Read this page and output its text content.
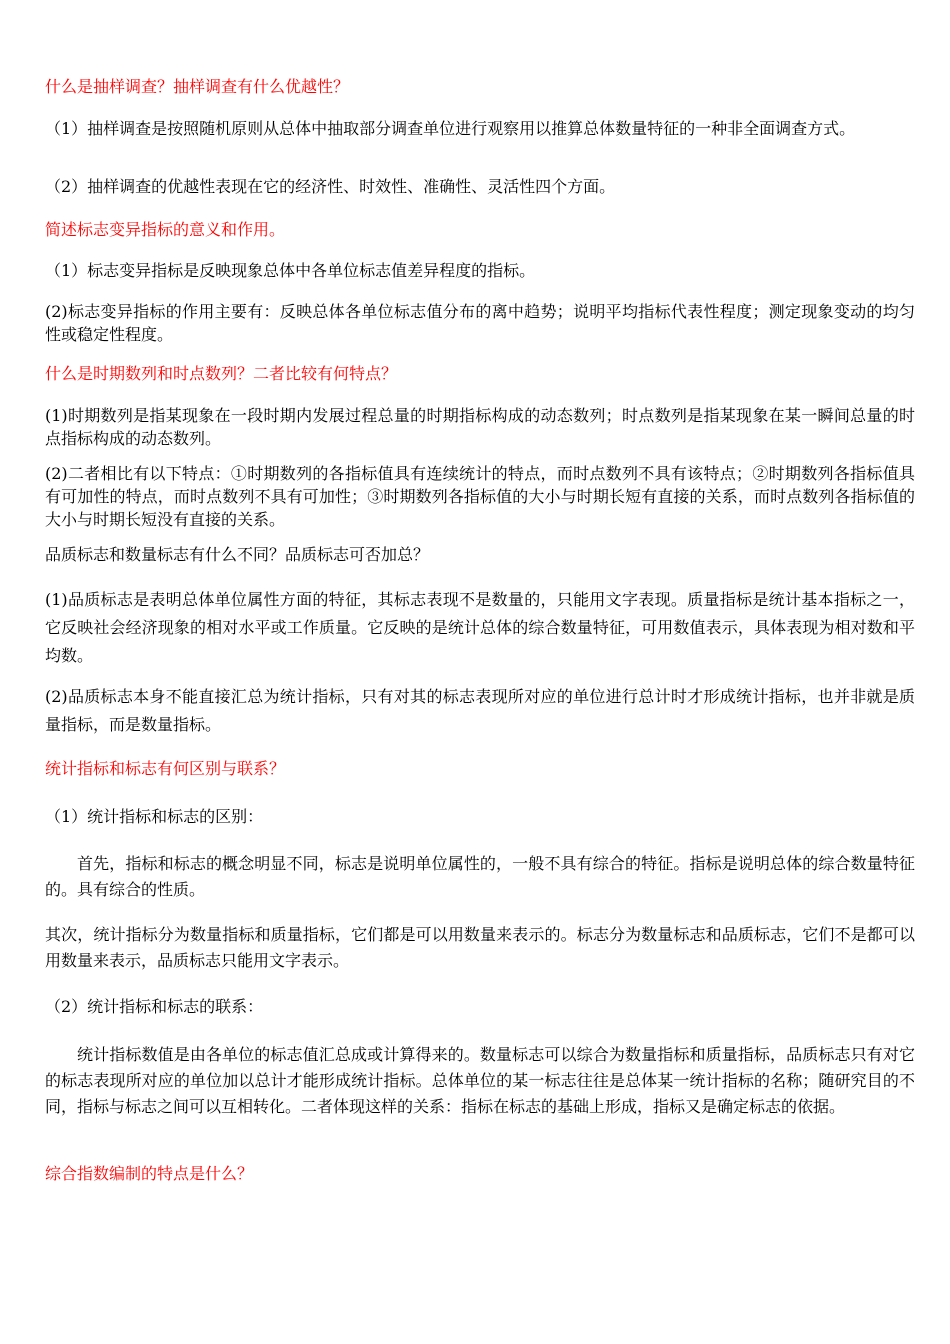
什么是抽样调查？抽样调查有什么优越性？

（1）抽样调查是按照随机原则从总体中抽取部分调查单位进行观察用以推算总体数量特征的一种非全面调查方式。

（2）抽样调查的优越性表现在它的经济性、时效性、准确性、灵活性四个方面。

简述标志变异指标的意义和作用。

（1）标志变异指标是反映现象总体中各单位标志值差异程度的指标。

(2)标志变异指标的作用主要有：反映总体各单位标志值分布的离中趋势；说明平均指标代表性程度；测定现象变动的均匀性或稳定性程度。

什么是时期数列和时点数列？二者比较有何特点？

(1)时期数列是指某现象在一段时期内发展过程总量的时期指标构成的动态数列；时点数列是指某现象在某一瞬间总量的时点指标构成的动态数列。

(2)二者相比有以下特点：①时期数列的各指标值具有连续统计的特点，而时点数列不具有该特点；②时期数列各指标值具有可加性的特点，而时点数列不具有可加性；③时期数列各指标值的大小与时期长短有直接的关系，而时点数列各指标值的大小与时期长短没有直接的关系。

品质标志和数量标志有什么不同？品质标志可否加总？

(1)品质标志是表明总体单位属性方面的特征，其标志表现不是数量的，只能用文字表现。质量指标是统计基本指标之一，它反映社会经济现象的相对水平或工作质量。它反映的是统计总体的综合数量特征，可用数值表示，具体表现为相对数和平均数。

(2)品质标志本身不能直接汇总为统计指标，只有对其的标志表现所对应的单位进行总计时才形成统计指标，也并非就是质量指标，而是数量指标。

统计指标和标志有何区别与联系？

（1）统计指标和标志的区别：

首先，指标和标志的概念明显不同，标志是说明单位属性的，一般不具有综合的特征。指标是说明总体的综合数量特征的。具有综合的性质。

其次，统计指标分为数量指标和质量指标，它们都是可以用数量来表示的。标志分为数量标志和品质标志，它们不是都可以用数量来表示，品质标志只能用文字表示。

（2）统计指标和标志的联系：

统计指标数值是由各单位的标志值汇总成或计算得来的。数量标志可以综合为数量指标和质量指标，品质标志只有对它的标志表现所对应的单位加以总计才能形成统计指标。总体单位的某一标志往往是总体某一统计指标的名称；随研究目的不同，指标与标志之间可以互相转化。二者体现这样的关系：指标在标志的基础上形成，指标又是确定标志的依据。

综合指数编制的特点是什么？
